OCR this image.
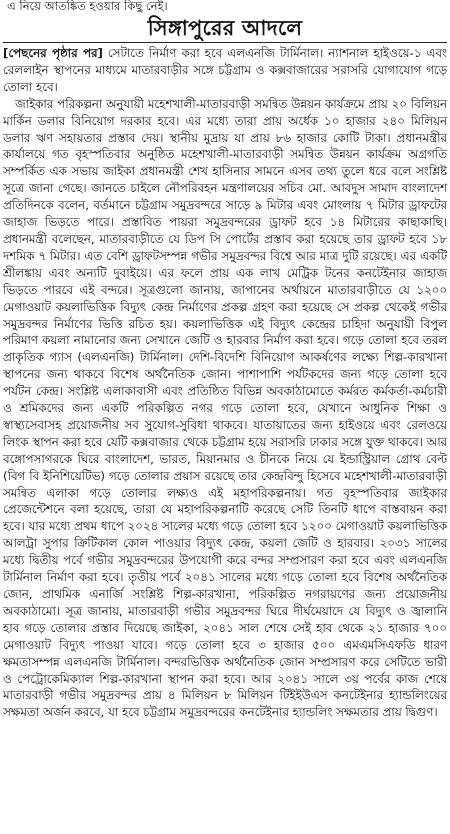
এ নিয়ে আতঙ্কিত হওয়ার কিছু নেই।
সিঙ্গাপুরের আদলে

[পেছনের পৃষ্ঠার পর] সেটাতে নির্মাণ করা হবে এলএনজি টার্মিনাল। ন্যাশনাল হাইওয়ে-১ এবং রেললাইন স্থাপনের মাধ্যমে মাতারবাড়ীর সঙ্গে চট্টগ্রাম ও কক্সবাজারের সরাসরি যোগাযোগ গড়ে তোলা হবে।

জাইকার পরিকল্পনা অনুযায়ী মহেশখালী-মাতারবাড়ী সমন্বিত উন্নয়ন কার্যক্রমে প্রায় ২০ বিলিয়ন মার্কিন ডলার বিনিয়োগ দরকার হবে। এর মধ্যে তারা প্রায় অর্ধেক ১০ হাজার ২৪০ মিলিয়ন ডলার ঋণ সহায়তার প্রস্তাব দেয়। স্থানীয় মুদ্রায় যা প্রায় ৮৬ হাজার কোটি টাকা। প্রধানমন্ত্রীর কার্যালয়ে গত বৃহস্পতিবার অনুষ্ঠিত মহেশখালী-মাতারবাড়ী সমন্বিত উন্নয়ন কার্যক্রম অগ্রগতি সম্পর্কিত এক সভায় জাইকা প্রধানমন্ত্রী শেখ হাসিনার সামনে এসব তথ্য তুলে ধরে বলে সংশ্লিষ্ট সূত্রে জানা গেছে। জানতে চাইলে নৌপরিবহন মন্ত্রণালয়ের সচিব মো. আবদুস সামাদ বাংলাদেশ প্রতিদিনকে বলেন, বর্তমানে চট্টগ্রাম সমুদ্রবন্দরে সাড়ে ৯ মিটার এবং মোংলায় ৭ মিটার ড্রাফটের জাহাজ ভিড়তে পারে। প্রস্তাবিত পায়রা সমুদ্রবন্দরের ড্রাফট হবে ১৪ মিটারের কাছাকাছি। প্রধানমন্ত্রী বলেছেন, মাতারবাড়ীতে যে ডিপ সি পোর্টের প্রস্তাব করা হয়েছে তার ড্রাফট হবে ১৮ দশমিক ৭ মিটার। এত বেশি ড্রাফটসম্পন্ন গভীর সমুদ্রবন্দর বিশ্বে আর মাত্র দুটি রয়েছে। এর একটি শ্রীলঙ্কায় এবং অন্যটি দুবাইয়ে। এর ফলে প্রায় এক লাখ মেট্রিক টনের কনটেইনার জাহাজ ভিড়তে পারবে এই বন্দরে। সূত্রগুলো জানায়, জাপানের অর্থায়নে মাতারবাড়ীতে যে ১২০০ মেগাওয়াট কয়লাভিত্তিক বিদ্যুৎ কেন্দ্র নির্মাণের প্রকল্প গ্রহণ করা হয়েছে সে প্রকল্প থেকেই গভীর সমুদ্রবন্দর নির্মাণের ভিত্তি রচিত হয়। কয়লাভিত্তিক এই বিদ্যুৎ কেন্দ্রের চাহিদা অনুযায়ী বিপুল পরিমাণ কয়লা নামানোর জন্য সেখানে জেটি ও হারবার নির্মাণ করা হবে। গড়ে তোলা হবে তরল প্রাকৃতিক গ্যাস (এলএনজি) টার্মিনাল। দেশি-বিদেশি বিনিয়োগ আকর্ষণের লক্ষ্যে শিল্প-কারখানা স্থাপনের জন্য থাকবে বিশেষ অর্থনৈতিক জোন। পাশাপাশি পর্যটকদের জন্য গড়ে তোলা হবে পর্যটন কেন্দ্র। সংশ্লিষ্ট এলাকাবাসী এবং প্রতিষ্ঠিত বিভিন্ন অবকাঠামোতে কর্মরত কর্মকর্তা-কর্মচারী ও শ্রমিকদের জন্য একটি পরিকল্পিত নগর গড়ে তোলা হবে, যেখানে আধুনিক শিক্ষা ও স্বাস্থ্যসেবাসহ প্রয়োজনীয় সব সুযোগ-সুবিধা থাকবে। যাতায়াতের জন্য হাইওয়ে এবং রেলওয়ে লিংক স্থাপন করা হবে যেটি কক্সবাজার থেকে চট্টগ্রাম হয়ে সরাসরি ঢাকার সঙ্গে যুক্ত থাকবে। আর বঙ্গোপসাগরকে ঘিরে বাংলাদেশ, ভারত, মিয়ানমার ও চীনকে নিয়ে যে ইন্ডাস্ট্রিয়াল গ্রোথ বেল্ট (বিগ বি ইনিশিয়েটিভ) গড়ে তোলার প্রয়াস রয়েছে তার কেন্দ্রবিন্দু হিসেবে মহেশখালী-মাতারবাড়ী সমন্বিত এলাকা গড়ে তোলার লক্ষ্যও এই মহাপরিকল্পনায়। গত বৃহস্পতিবার জাইকার প্রেজেন্টেশনে বলা হয়েছে, তারা যে মহাপরিকল্পনাটি করেছে সেটি তিনটি ধাপে বাস্তবায়ন করা হবে। যার মধ্যে প্রথম ধাপে ২০২৪ সালের মধ্যে গড়ে তোলা হবে ১২০০ মেগাওয়াট কয়লাভিত্তিক আলট্রা সুপার ক্রিটিকাল কোল পাওয়ার বিদ্যুৎ কেন্দ্র, কয়লা জেটি ও হারবার। ২০৩১ সালের মধ্যে দ্বিতীয় পর্বে গভীর সমুদ্রবন্দরের উপযোগী করে বন্দর সম্প্রসারণ করা হবে এবং এলএনজি টার্মিনাল নির্মাণ করা হবে। তৃতীয় পর্বে ২০৪১ সালের মধ্যে গড়ে তোলা হবে বিশেষ অর্থনৈতিক জোন, প্রাথমিক এনার্জি সংশ্লিষ্ট শিল্প-কারখানা, পরিকল্পিত নগরায়ণের জন্য প্রয়োজনীয় অবকাঠামো। সূত্র জানায়, মাতারবাড়ী গভীর সমুদ্রবন্দর ঘিরে দীর্ঘমেয়াদে যে বিদ্যুৎ ও জ্বালানি হাব গড়ে তোলার প্রস্তাব দিয়েছে জাইকা, ২০৪১ সাল শেষে সেই হাব থেকে ২১ হাজার ৭০০ মেগাওয়াট বিদ্যুৎ পাওয়া যাবে। গড়ে তোলা হবে ৩ হাজার ৫০০ এমএমসিএফডি ধারণ ক্ষমতাসম্পন্ন এলএনজি টার্মিনাল। বন্দরভিত্তিক অর্থনৈতিক জোন সম্প্রসারণ করে সেটিতে ভারী ও পেট্রোকেমিক্যাল শিল্প-কারখানা স্থাপন করা হবে। আর ২০৪১ সালে ৩য় পর্বের কাজ শেষে মাতারবাড়ী গভীর সমুদ্রবন্দর প্রায় ৪ মিলিয়ন ৮ মিলিয়ন টিইইউএস কনটেইনার হ্যান্ডলিংয়ের সক্ষমতা অর্জন করবে, যা হবে চট্টগ্রাম সমুদ্রবন্দরের কনটেইনার হ্যান্ডলিং সক্ষমতার প্রায় দ্বিগুণ।
